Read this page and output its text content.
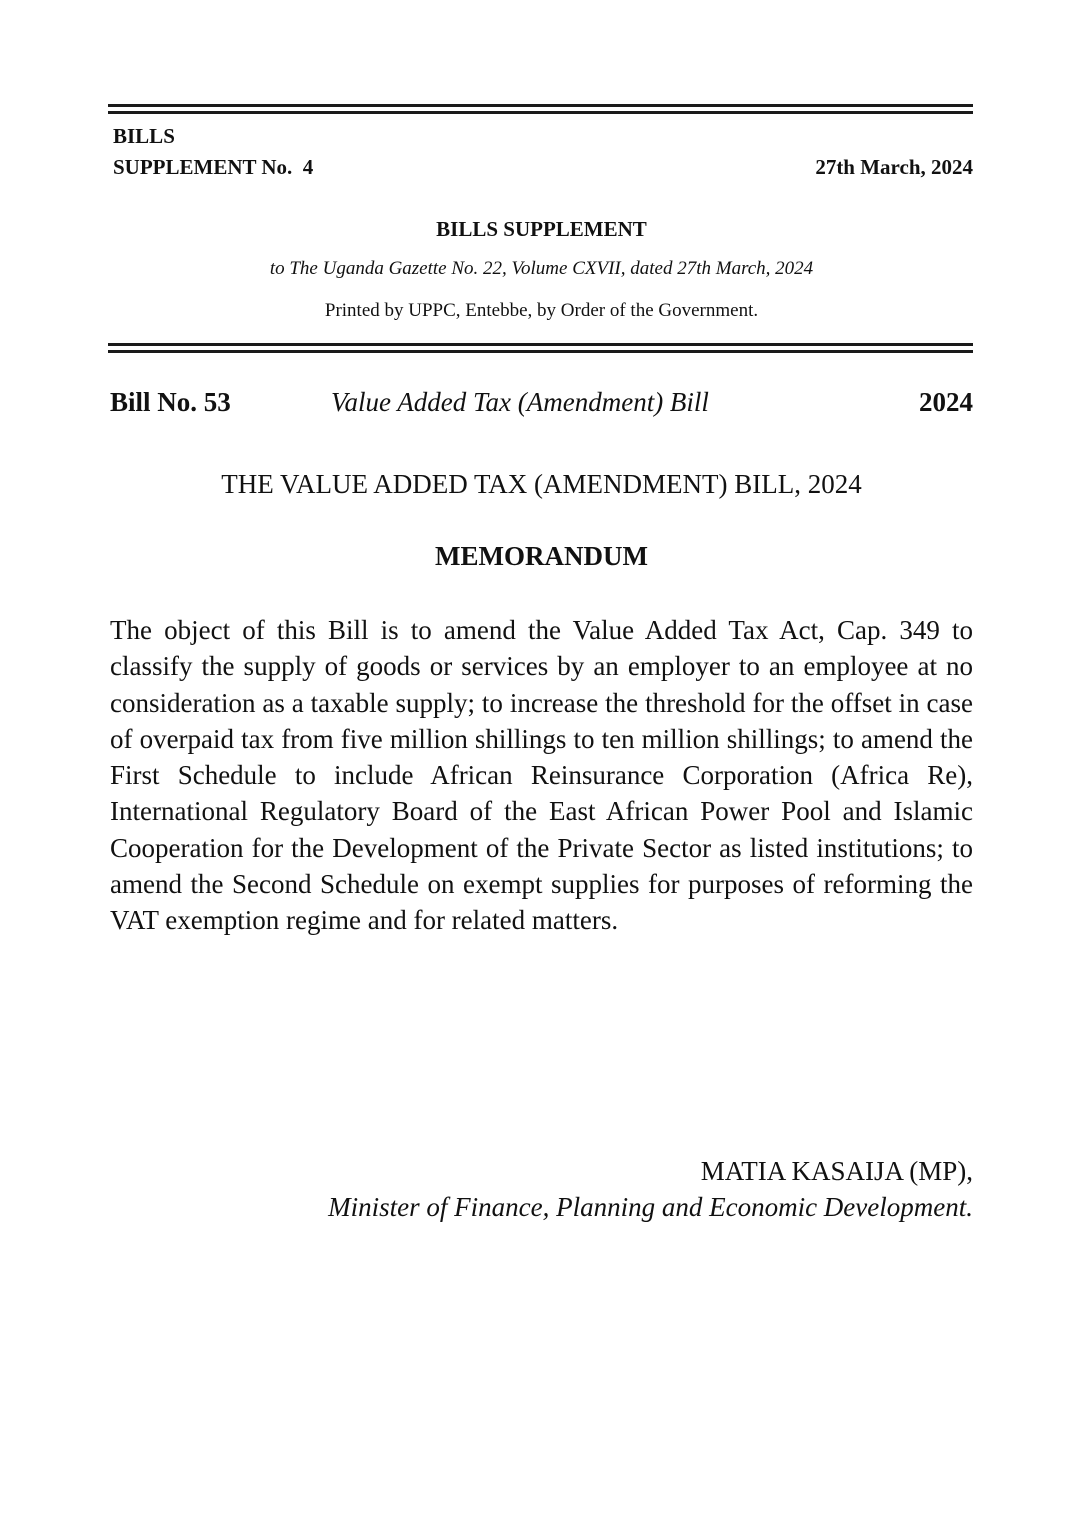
BILLS
SUPPLEMENT No.  4	27th March, 2024
BILLS SUPPLEMENT
to The Uganda Gazette No. 22, Volume CXVII, dated 27th March, 2024
Printed by UPPC, Entebbe, by Order of the Government.
Bill No. 53	Value Added Tax (Amendment) Bill	2024
THE VALUE ADDED TAX (AMENDMENT) BILL, 2024
MEMORANDUM

The object of this Bill is to amend the Value Added Tax Act, Cap. 349 to classify the supply of goods or services by an employer to an employee at no consideration as a taxable supply; to increase the threshold for the offset in case of overpaid tax from five million shillings to ten million shillings; to amend the First Schedule to include African Reinsurance Corporation (Africa Re), International Regulatory Board of the East African Power Pool and Islamic Cooperation for the Development of the Private Sector as listed institutions; to amend the Second Schedule on exempt supplies for purposes of reforming the VAT exemption regime and for related matters.

MATIA KASAIJA (MP),
Minister of Finance, Planning and Economic Development.
